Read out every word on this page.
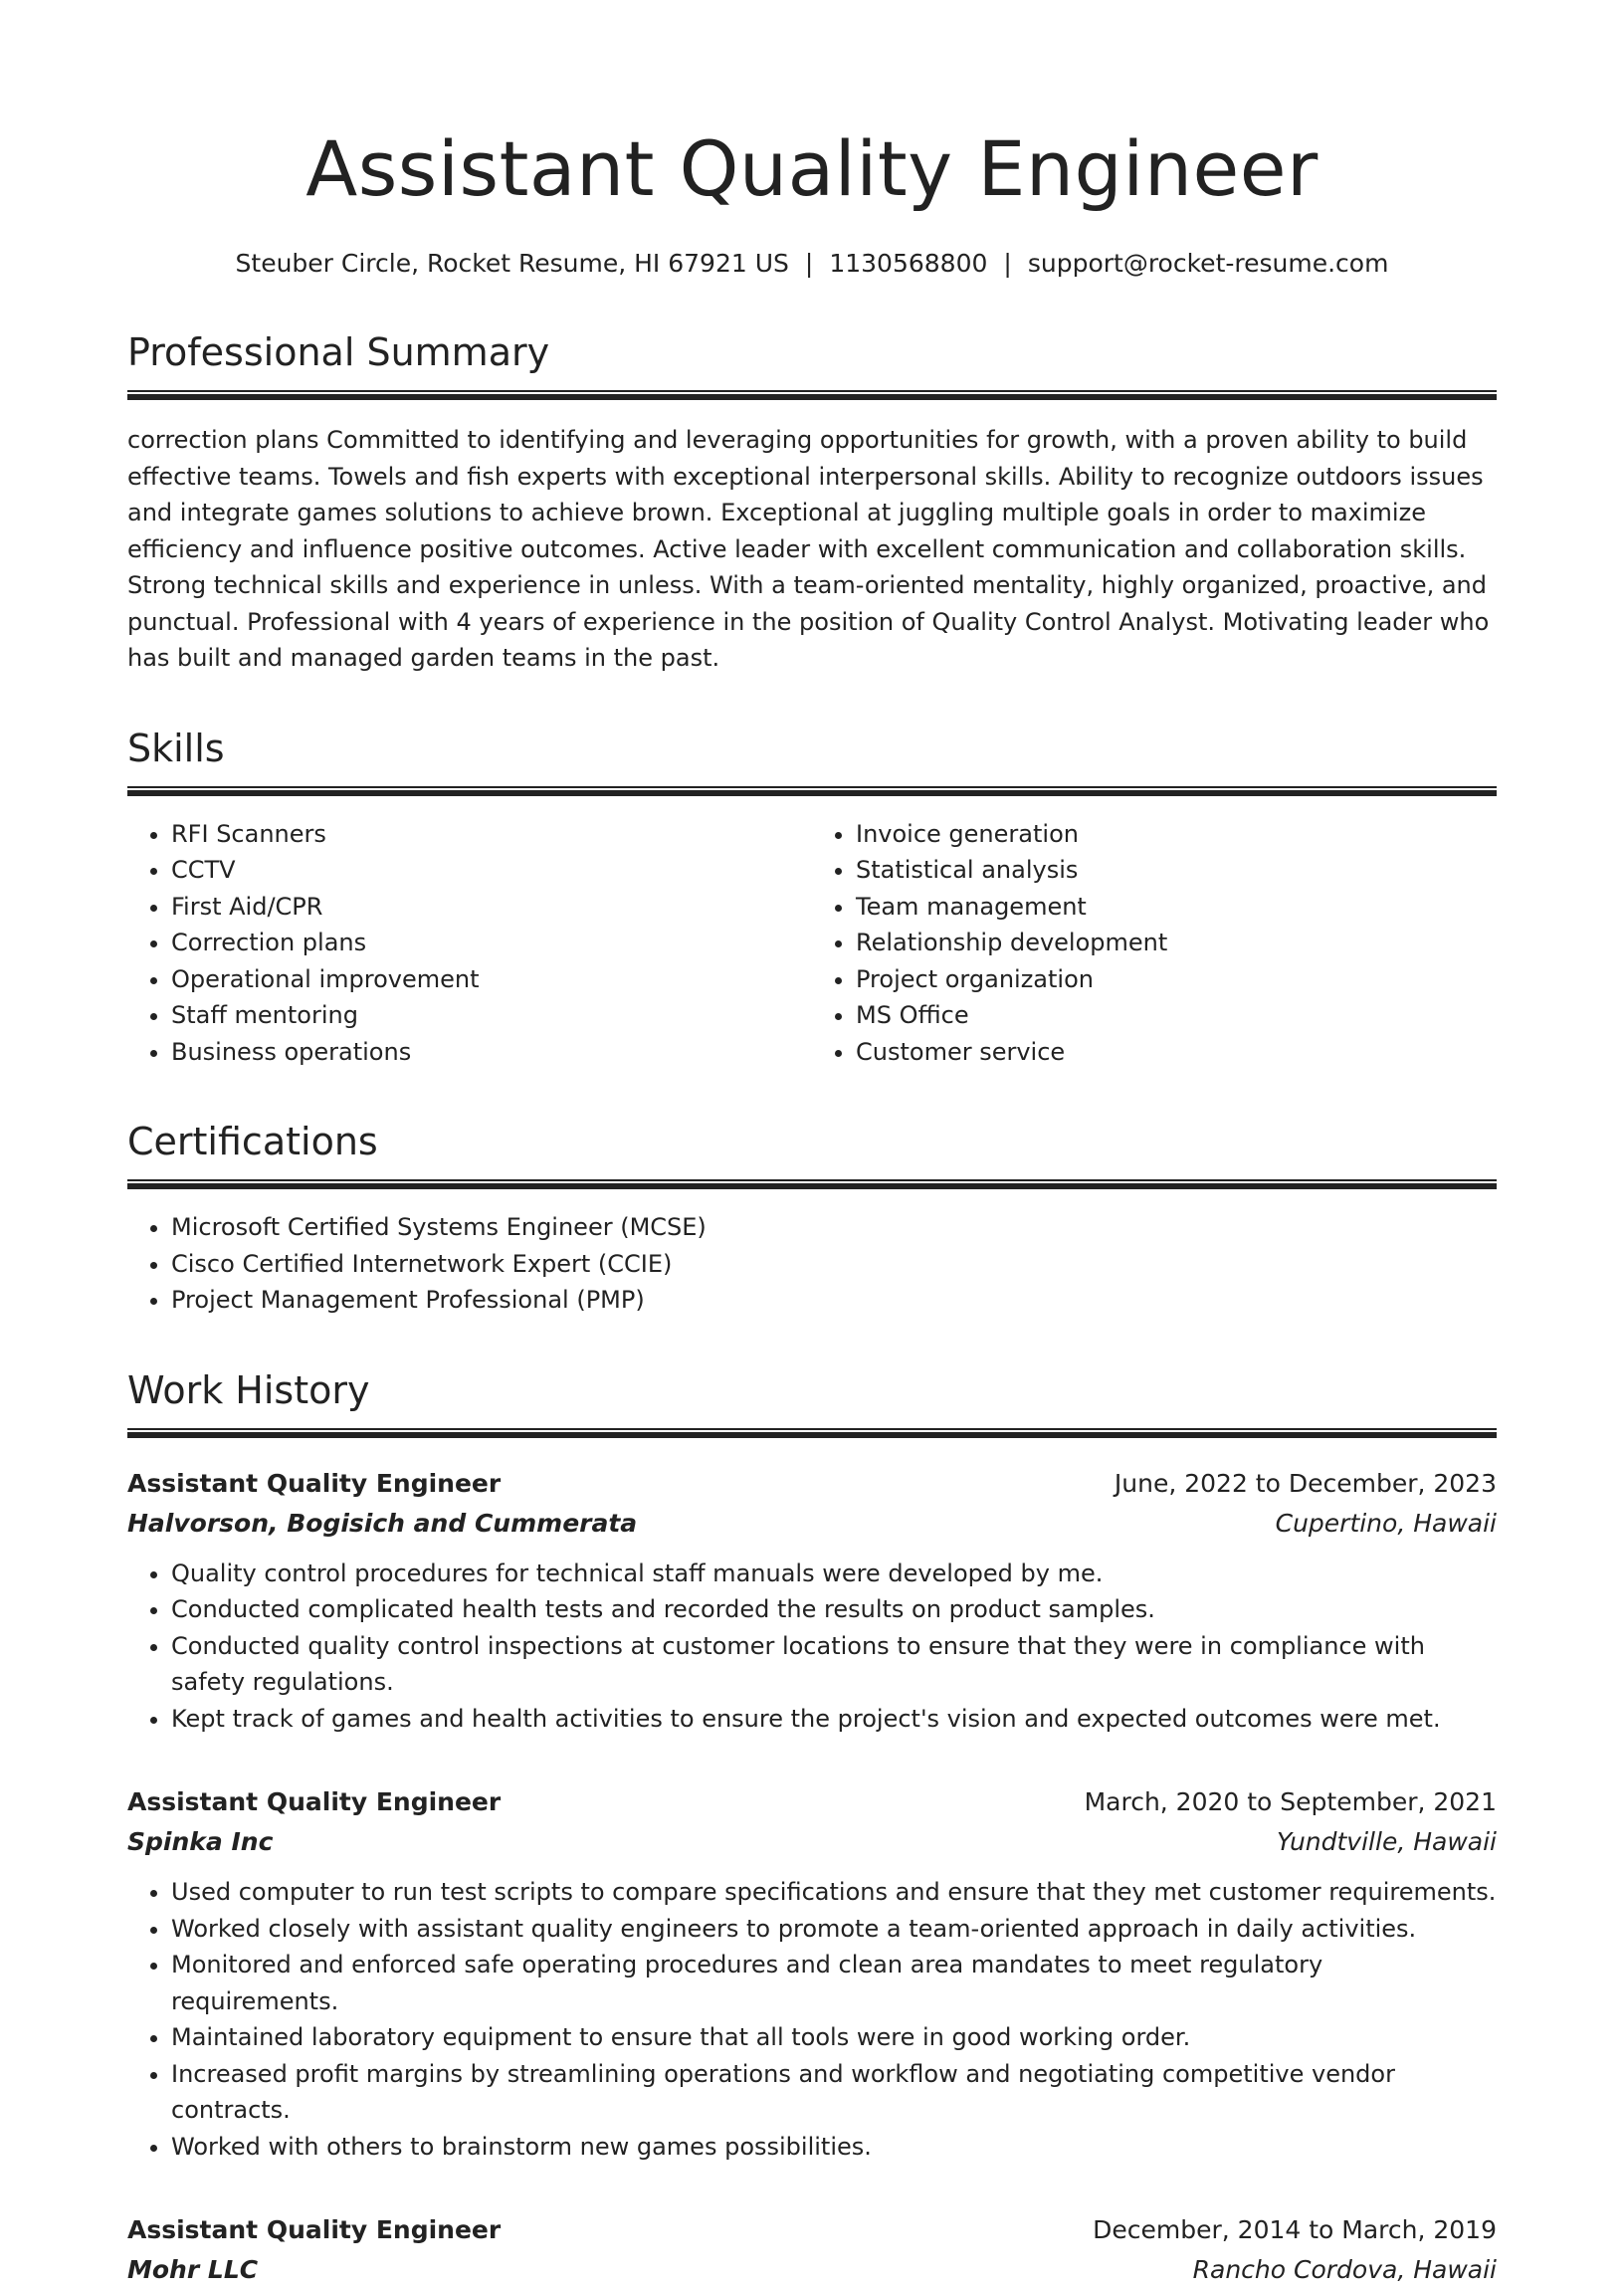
Assistant Quality Engineer
Steuber Circle, Rocket Resume, HI 67921 US | 1130568800 | support@rocket-resume.com
Professional Summary
correction plans Committed to identifying and leveraging opportunities for growth, with a proven ability to build effective teams. Towels and fish experts with exceptional interpersonal skills. Ability to recognize outdoors issues and integrate games solutions to achieve brown. Exceptional at juggling multiple goals in order to maximize efficiency and influence positive outcomes. Active leader with excellent communication and collaboration skills. Strong technical skills and experience in unless. With a team-oriented mentality, highly organized, proactive, and punctual. Professional with 4 years of experience in the position of Quality Control Analyst. Motivating leader who has built and managed garden teams in the past.
Skills
• RFI Scanners
• CCTV
• First Aid/CPR
• Correction plans
• Operational improvement
• Staff mentoring
• Business operations
• Invoice generation
• Statistical analysis
• Team management
• Relationship development
• Project organization
• MS Office
• Customer service
Certifications
• Microsoft Certified Systems Engineer (MCSE)
• Cisco Certified Internetwork Expert (CCIE)
• Project Management Professional (PMP)
Work History
Assistant Quality Engineer	June, 2022 to December, 2023
Halvorson, Bogisich and Cummerata	Cupertino, Hawaii
• Quality control procedures for technical staff manuals were developed by me.
• Conducted complicated health tests and recorded the results on product samples.
• Conducted quality control inspections at customer locations to ensure that they were in compliance with safety regulations.
• Kept track of games and health activities to ensure the project's vision and expected outcomes were met.
Assistant Quality Engineer	March, 2020 to September, 2021
Spinka Inc	Yundtville, Hawaii
• Used computer to run test scripts to compare specifications and ensure that they met customer requirements.
• Worked closely with assistant quality engineers to promote a team-oriented approach in daily activities.
• Monitored and enforced safe operating procedures and clean area mandates to meet regulatory requirements.
• Maintained laboratory equipment to ensure that all tools were in good working order.
• Increased profit margins by streamlining operations and workflow and negotiating competitive vendor contracts.
• Worked with others to brainstorm new games possibilities.
Assistant Quality Engineer	December, 2014 to March, 2019
Mohr LLC	Rancho Cordova, Hawaii
